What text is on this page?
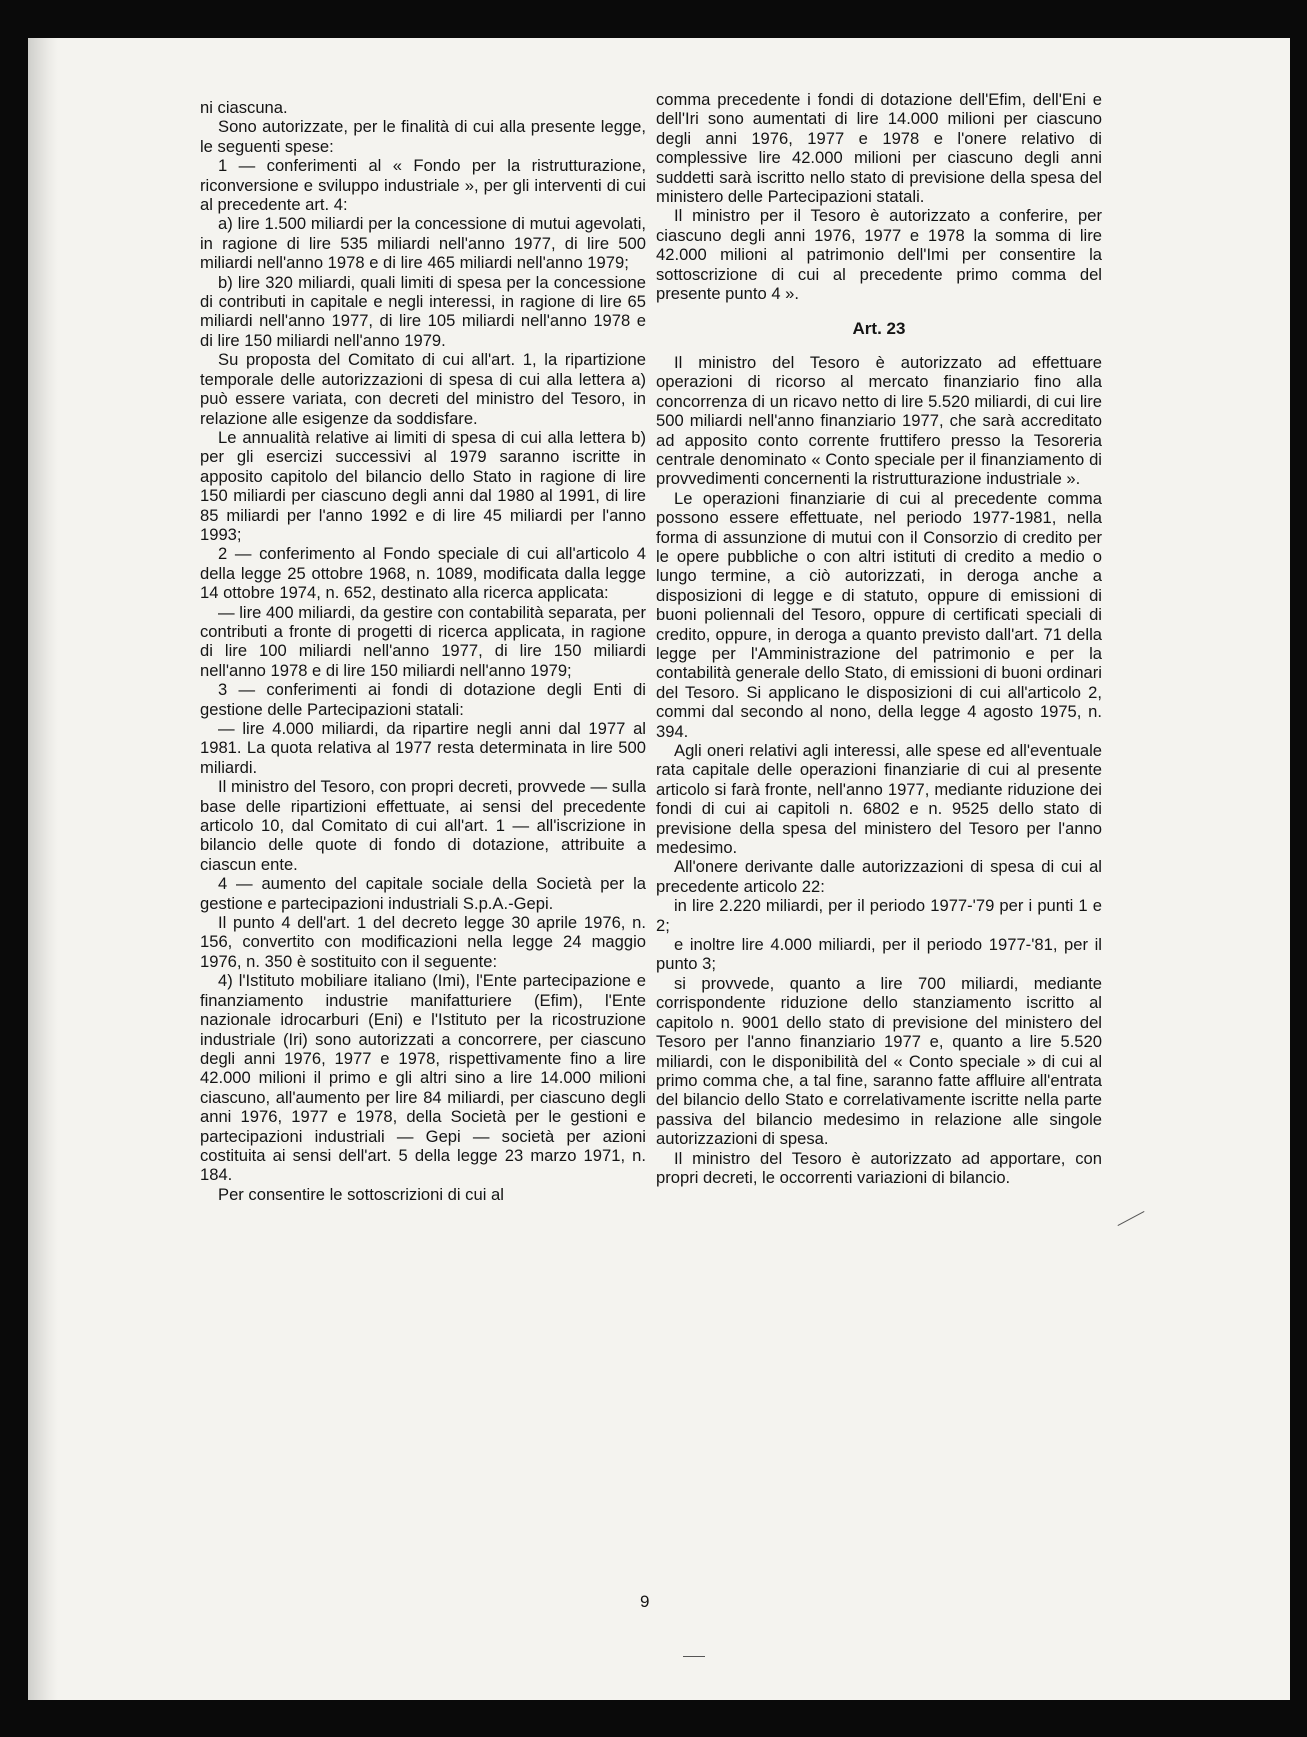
ni ciascuna.

Sono autorizzate, per le finalità di cui alla presente legge, le seguenti spese:

1 — conferimenti al « Fondo per la ristrutturazione, riconversione e sviluppo industriale », per gli interventi di cui al precedente art. 4:

a) lire 1.500 miliardi per la concessione di mutui agevolati, in ragione di lire 535 miliardi nell'anno 1977, di lire 500 miliardi nell'anno 1978 e di lire 465 miliardi nell'anno 1979;

b) lire 320 miliardi, quali limiti di spesa per la concessione di contributi in capitale e negli interessi, in ragione di lire 65 miliardi nell'anno 1977, di lire 105 miliardi nell'anno 1978 e di lire 150 miliardi nell'anno 1979.

Su proposta del Comitato di cui all'art. 1, la ripartizione temporale delle autorizzazioni di spesa di cui alla lettera a) può essere variata, con decreti del ministro del Tesoro, in relazione alle esigenze da soddisfare.

Le annualità relative ai limiti di spesa di cui alla lettera b) per gli esercizi successivi al 1979 saranno iscritte in apposito capitolo del bilancio dello Stato in ragione di lire 150 miliardi per ciascuno degli anni dal 1980 al 1991, di lire 85 miliardi per l'anno 1992 e di lire 45 miliardi per l'anno 1993;

2 — conferimento al Fondo speciale di cui all'articolo 4 della legge 25 ottobre 1968, n. 1089, modificata dalla legge 14 ottobre 1974, n. 652, destinato alla ricerca applicata:

— lire 400 miliardi, da gestire con contabilità separata, per contributi a fronte di progetti di ricerca applicata, in ragione di lire 100 miliardi nell'anno 1977, di lire 150 miliardi nell'anno 1978 e di lire 150 miliardi nell'anno 1979;

3 — conferimenti ai fondi di dotazione degli Enti di gestione delle Partecipazioni statali:

— lire 4.000 miliardi, da ripartire negli anni dal 1977 al 1981. La quota relativa al 1977 resta determinata in lire 500 miliardi.

Il ministro del Tesoro, con propri decreti, provvede — sulla base delle ripartizioni effettuate, ai sensi del precedente articolo 10, dal Comitato di cui all'art. 1 — all'iscrizione in bilancio delle quote di fondo di dotazione, attribuite a ciascun ente.

4 — aumento del capitale sociale della Società per la gestione e partecipazioni industriali S.p.A.-Gepi.

Il punto 4 dell'art. 1 del decreto legge 30 aprile 1976, n. 156, convertito con modificazioni nella legge 24 maggio 1976, n. 350 è sostituito con il seguente:

4) l'Istituto mobiliare italiano (Imi), l'Ente partecipazione e finanziamento industrie manifatturiere (Efim), l'Ente nazionale idrocarburi (Eni) e l'Istituto per la ricostruzione industriale (Iri) sono autorizzati a concorrere, per ciascuno degli anni 1976, 1977 e 1978, rispettivamente fino a lire 42.000 milioni il primo e gli altri sino a lire 14.000 milioni ciascuno, all'aumento per lire 84 miliardi, per ciascuno degli anni 1976, 1977 e 1978, della Società per le gestioni e partecipazioni industriali — Gepi — società per azioni costituita ai sensi dell'art. 5 della legge 23 marzo 1971, n. 184.

Per consentire le sottoscrizioni di cui al

comma precedente i fondi di dotazione dell'Efim, dell'Eni e dell'Iri sono aumentati di lire 14.000 milioni per ciascuno degli anni 1976, 1977 e 1978 e l'onere relativo di complessive lire 42.000 milioni per ciascuno degli anni suddetti sarà iscritto nello stato di previsione della spesa del ministero delle Partecipazioni statali.

Il ministro per il Tesoro è autorizzato a conferire, per ciascuno degli anni 1976, 1977 e 1978 la somma di lire 42.000 milioni al patrimonio dell'Imi per consentire la sottoscrizione di cui al precedente primo comma del presente punto 4 ».

Art. 23

Il ministro del Tesoro è autorizzato ad effettuare operazioni di ricorso al mercato finanziario fino alla concorrenza di un ricavo netto di lire 5.520 miliardi, di cui lire 500 miliardi nell'anno finanziario 1977, che sarà accreditato ad apposito conto corrente fruttifero presso la Tesoreria centrale denominato « Conto speciale per il finanziamento di provvedimenti concernenti la ristrutturazione industriale ».

Le operazioni finanziarie di cui al precedente comma possono essere effettuate, nel periodo 1977-1981, nella forma di assunzione di mutui con il Consorzio di credito per le opere pubbliche o con altri istituti di credito a medio o lungo termine, a ciò autorizzati, in deroga anche a disposizioni di legge e di statuto, oppure di emissioni di buoni poliennali del Tesoro, oppure di certificati speciali di credito, oppure, in deroga a quanto previsto dall'art. 71 della legge per l'Amministrazione del patrimonio e per la contabilità generale dello Stato, di emissioni di buoni ordinari del Tesoro. Si applicano le disposizioni di cui all'articolo 2, commi dal secondo al nono, della legge 4 agosto 1975, n. 394.

Agli oneri relativi agli interessi, alle spese ed all'eventuale rata capitale delle operazioni finanziarie di cui al presente articolo si farà fronte, nell'anno 1977, mediante riduzione dei fondi di cui ai capitoli n. 6802 e n. 9525 dello stato di previsione della spesa del ministero del Tesoro per l'anno medesimo.

All'onere derivante dalle autorizzazioni di spesa di cui al precedente articolo 22:

in lire 2.220 miliardi, per il periodo 1977-'79 per i punti 1 e 2;

e inoltre lire 4.000 miliardi, per il periodo 1977-'81, per il punto 3;

si provvede, quanto a lire 700 miliardi, mediante corrispondente riduzione dello stanziamento iscritto al capitolo n. 9001 dello stato di previsione del ministero del Tesoro per l'anno finanziario 1977 e, quanto a lire 5.520 miliardi, con le disponibilità del « Conto speciale » di cui al primo comma che, a tal fine, saranno fatte affluire all'entrata del bilancio dello Stato e correlativamente iscritte nella parte passiva del bilancio medesimo in relazione alle singole autorizzazioni di spesa.

Il ministro del Tesoro è autorizzato ad apportare, con propri decreti, le occorrenti variazioni di bilancio.

9
